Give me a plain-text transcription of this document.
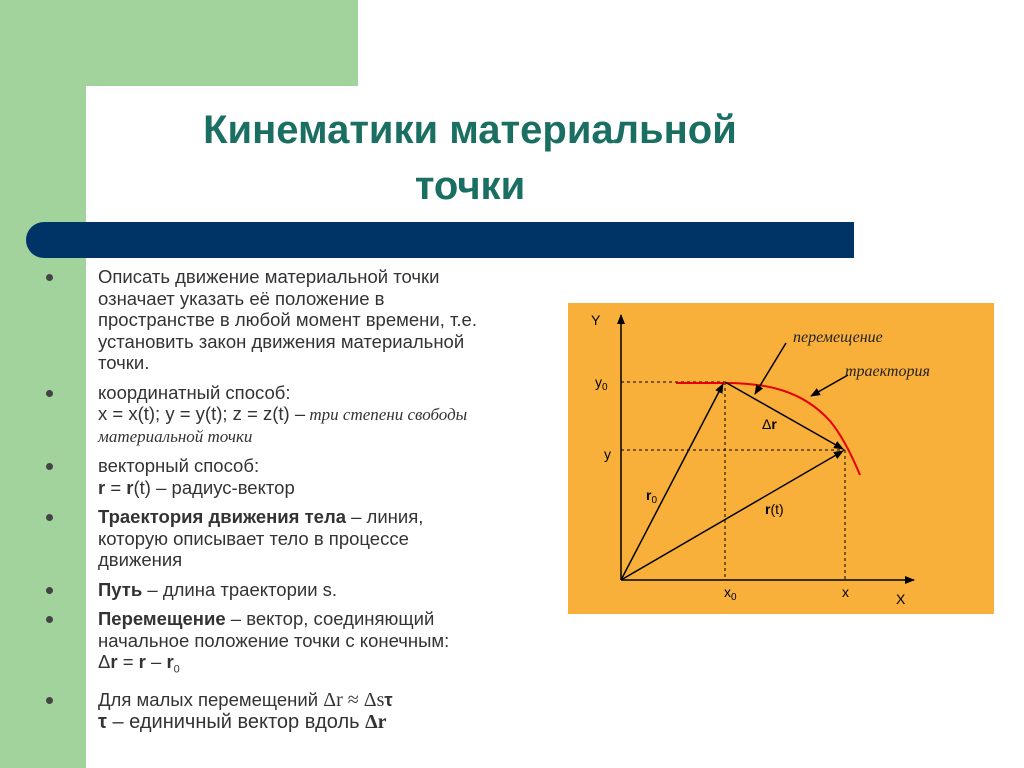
Кинематики материальной
точки
Описать движение материальной точки
означает указать её положение в
пространстве в любой момент времени, т.е.
установить закон движения материальной
точки.
координатный способ:
x = x(t); y = y(t); z = z(t) – три степени свободы
материальной точки
векторный способ:
r = r(t) – радиус-вектор
Траектория движения тела – линия,
которую описывает тело в процессе
движения
Путь – длина траектории s.
Перемещение – вектор, соединяющий
начальное положение точки с конечным:
$\Delta r = r - r_0$
Для малых перемещений Δr ≈ Δsτ
τ – единичный вектор вдоль Δr
Y
X
$y_0$
y
$x_0$	x
$r_0$
r(t)
Δr
перемещение
траектория
